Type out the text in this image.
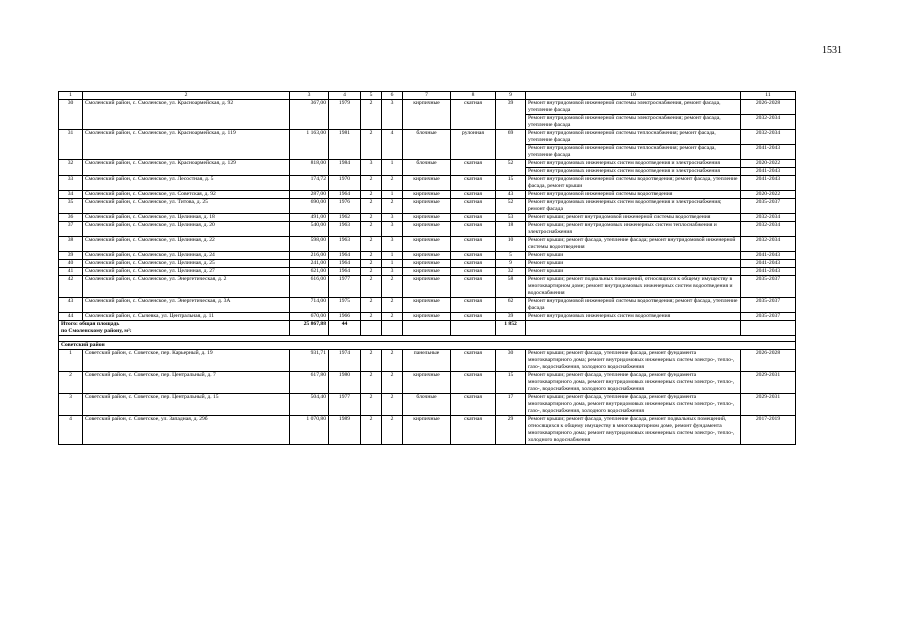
1531
1	2	3	4	5	6	7	8	9	10	11
30	Смоленский район, с. Смоленское, ул. Красноармейская, д. 92	367,00	1979	2	3	кирпичные	скатная	39	Ремонт внутридомовой инженерной системы электроснабжения, ремонт фасада, утепление фасада	2026-2028
									Ремонт внутридомовой инженерной системы электроснабжения; ремонт фасада, утепление фасада	2032-2034
31	Смоленский район, с. Смоленское, ул. Красноармейская, д. 119	1 163,00	1981	2	4	блочные	рулонная	69	Ремонт внутридомовой инженерной системы теплоснабжения; ремонт фасада, утепление фасада	2032-2034
									Ремонт внутридомовой инженерной системы теплоснабжения; ремонт фасада, утепление фасада	2041-2043
32	Смоленский район, с. Смоленское, ул. Красноармейская, д. 129	818,00	1984	3	1	блочные	скатная	52	Ремонт внутридомовых инженерных систем водоотведения и электроснабжения	2020-2022
									Ремонт внутридомовых инженерных систем водоотведения и электроснабжения	2041-2043
33	Смоленский район, с. Смоленское, ул. Лесостная, д. 5	174,72	1970	2	2	кирпичные	скатная	15	Ремонт внутридомовой инженерной системы водоотведения; ремонт фасада, утепление фасада, ремонт крыши	2041-2043
34	Смоленский район, с. Смоленское, ул. Советская, д. 92	287,00	1964	2	1	кирпичные	скатная	43	Ремонт внутридомовой инженерной системы водоотведения	2020-2022
35	Смоленский район, с. Смоленское, ул. Титова, д. 25	690,00	1976	2	2	кирпичные	скатная	52	Ремонт внутридомовых инженерных систем водоотведения и электроснабжения; ремонт фасада	2035-2037
36	Смоленский район, с. Смоленское, ул. Целинная, д. 18	491,00	1962	2	3	кирпичные	скатная	53	Ремонт крыши; ремонт внутридомовой инженерной системы водоотведения	2032-2034
37	Смоленский район, с. Смоленское, ул. Целинная, д. 20	540,00	1963	2	3	кирпичные	скатная	18	Ремонт крыши; ремонт внутридомовых инженерных систем теплоснабжения и электроснабжения	2032-2034
38	Смоленский район, с. Смоленское, ул. Целинная, д. 22	598,00	1963	2	3	кирпичные	скатная	10	Ремонт крыши; ремонт фасада, утепление фасада; ремонт внутридомовой инженерной системы водоотведения	2032-2034
39	Смоленский район, с. Смоленское, ул. Целинная, д. 24	216,00	1964	2	1	кирпичные	скатная	5	Ремонт крыши	2041-2043
40	Смоленский район, с. Смоленское, ул. Целинная, д. 25	241,00	1964	2	1	кирпичные	скатная	9	Ремонт крыши	2041-2043
41	Смоленский район, с. Смоленское, ул. Целинная, д. 27	621,00	1964	2	3	кирпичные	скатная	32	Ремонт крыши	2041-2043
42	Смоленский район, с. Смоленское, ул. Энергетическая, д. 2	616,00	1977	2	2	кирпичные	скатная	58	Ремонт крыши; ремонт подвальных помещений, относящихся к общему имуществу в многоквартирном доме; ремонт внутридомовых инженерных систем водоотведения и водоснабжения	2035-2037
43	Смоленский район, с. Смоленское, ул. Энергетическая, д. 3А	714,00	1975	2	2	кирпичные	скатная	62	Ремонт внутридомовой инженерной системы водоотведения; ремонт фасада, утепление фасада	2035-2037
44	Смоленский район, с. Сычевка, ул. Центральная, д. 11	670,00	1966	2	2	кирпичные	скатная	39	Ремонт внутридомовых инженерных систем водоотведения	2035-2037

Итого: общая площадь
по Смоленскому району, м²:		25 867,88	44					1 852		

Советский район										
1	Советский район, с. Советское, пер. Карьерный, д. 19	931,71	1974	2	2	панельные	скатная	30	Ремонт крыши; ремонт фасада, утепление фасада, ремонт фундамента многоквартирного дома; ремонт внутридомовых инженерных систем электро-, тепло-, газо-, водоснабжения, холодного водоснабжения	2026-2028
2	Советский район, с. Советское, пер. Центральный, д. 7	617,80	1980	2	2	кирпичные	скатная	15	Ремонт крыши; ремонт фасада, утепление фасада, ремонт фундамента многоквартирного дома, ремонт внутридомовых инженерных систем электро-, тепло-, газо-, водоснабжения, холодного водоснабжения	2029-2031
3	Советский район, с. Советское, пер. Центральный, д. 15	504,40	1977	2	2	блочные	скатная	17	Ремонт крыши; ремонт фасада, утепление фасада, ремонт фундамента многоквартирного дома, ремонт внутридомовых инженерных систем электро-, тепло-, газо-, водоснабжения, холодного водоснабжения	2029-2031
4	Советский район, с. Советское, ул. Западная, д. 29б	1 070,80	1989	2	2	кирпичные	скатная	29	Ремонт крыши; ремонт фасада, утепление фасада, ремонт подвальных помещений, относящихся к общему имуществу в многоквартирном доме, ремонт фундамента многоквартирного дома; ремонт внутридомовых инженерных систем электро-, тепло-, холодного водоснабжения	2017-2019
